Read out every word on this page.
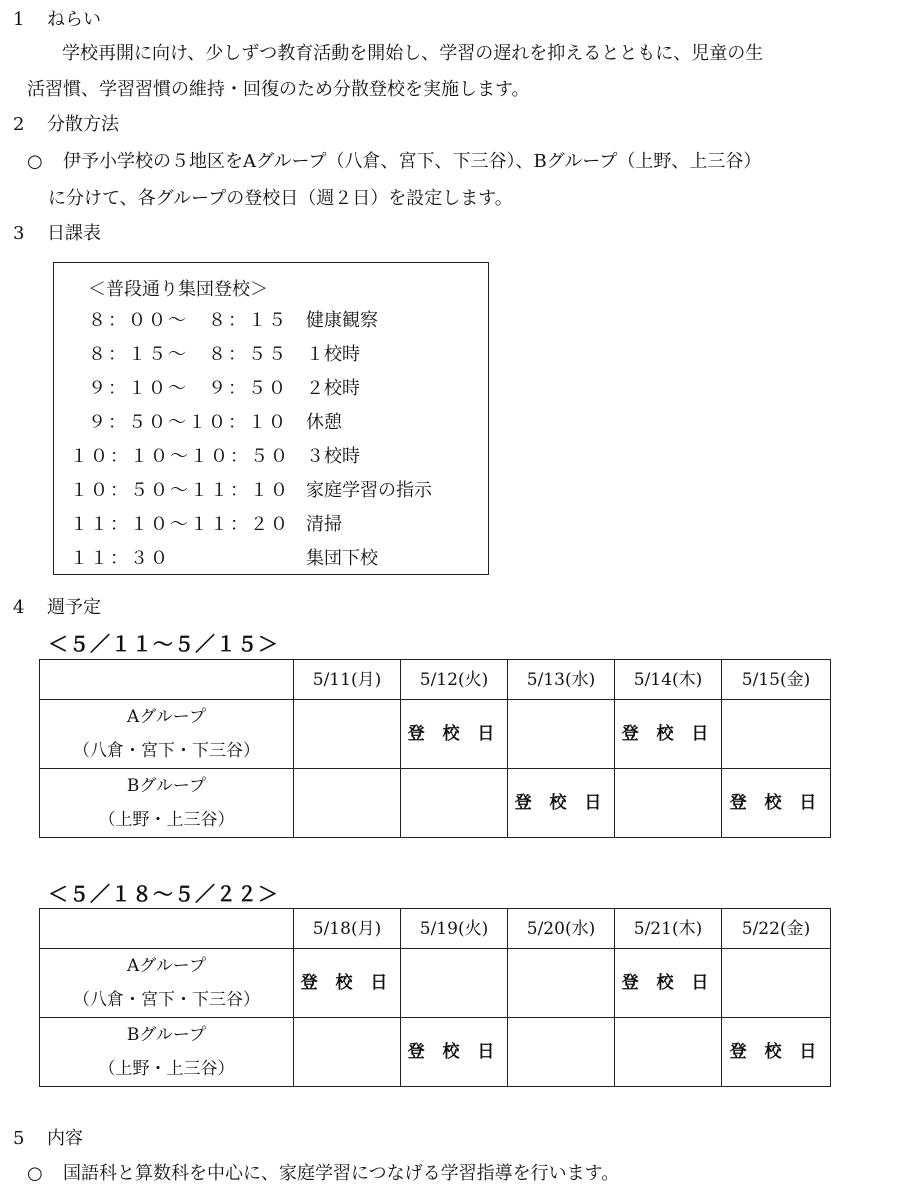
1 ねらい
学校再開に向け、少しずつ教育活動を開始し、学習の遅れを抑えるとともに、児童の生
活習慣、学習習慣の維持・回復のため分散登校を実施します。
2 分散方法
○ 伊予小学校の５地区をAグループ（八倉、宮下、下三谷）、Bグループ（上野、上三谷）
に分けて、各グループの登校日（週２日）を設定します。
3 日課表
＜普段通り集団登校＞
８：００～　８：１５ 健康観察
８：１５～　８：５５ １校時
９：１０～　９：５０ ２校時
９：５０～１０：１０ 休憩
１０：１０～１０：５０ ３校時
１０：５０～１１：１０ 家庭学習の指示
１１：１０～１１：２０ 清掃
１１：３０	集団下校
4 週予定
＜５／１１～５／１５＞
	5/11(月)	5/12(火)	5/13(水)	5/14(木)	5/15(金)

Aグループ
（八倉・宮下・下三谷）		登 校 日		登 校 日	

Bグループ
（上野・上三谷）			登 校 日		登 校 日
＜５／１８～５／２２＞
	5/18(月)	5/19(火)	5/20(水)	5/21(木)	5/22(金)

Aグループ
（八倉・宮下・下三谷）	登 校 日			登 校 日	

Bグループ
（上野・上三谷）		登 校 日			登 校 日
5 内容
○ 国語科と算数科を中心に、家庭学習につなげる学習指導を行います。
